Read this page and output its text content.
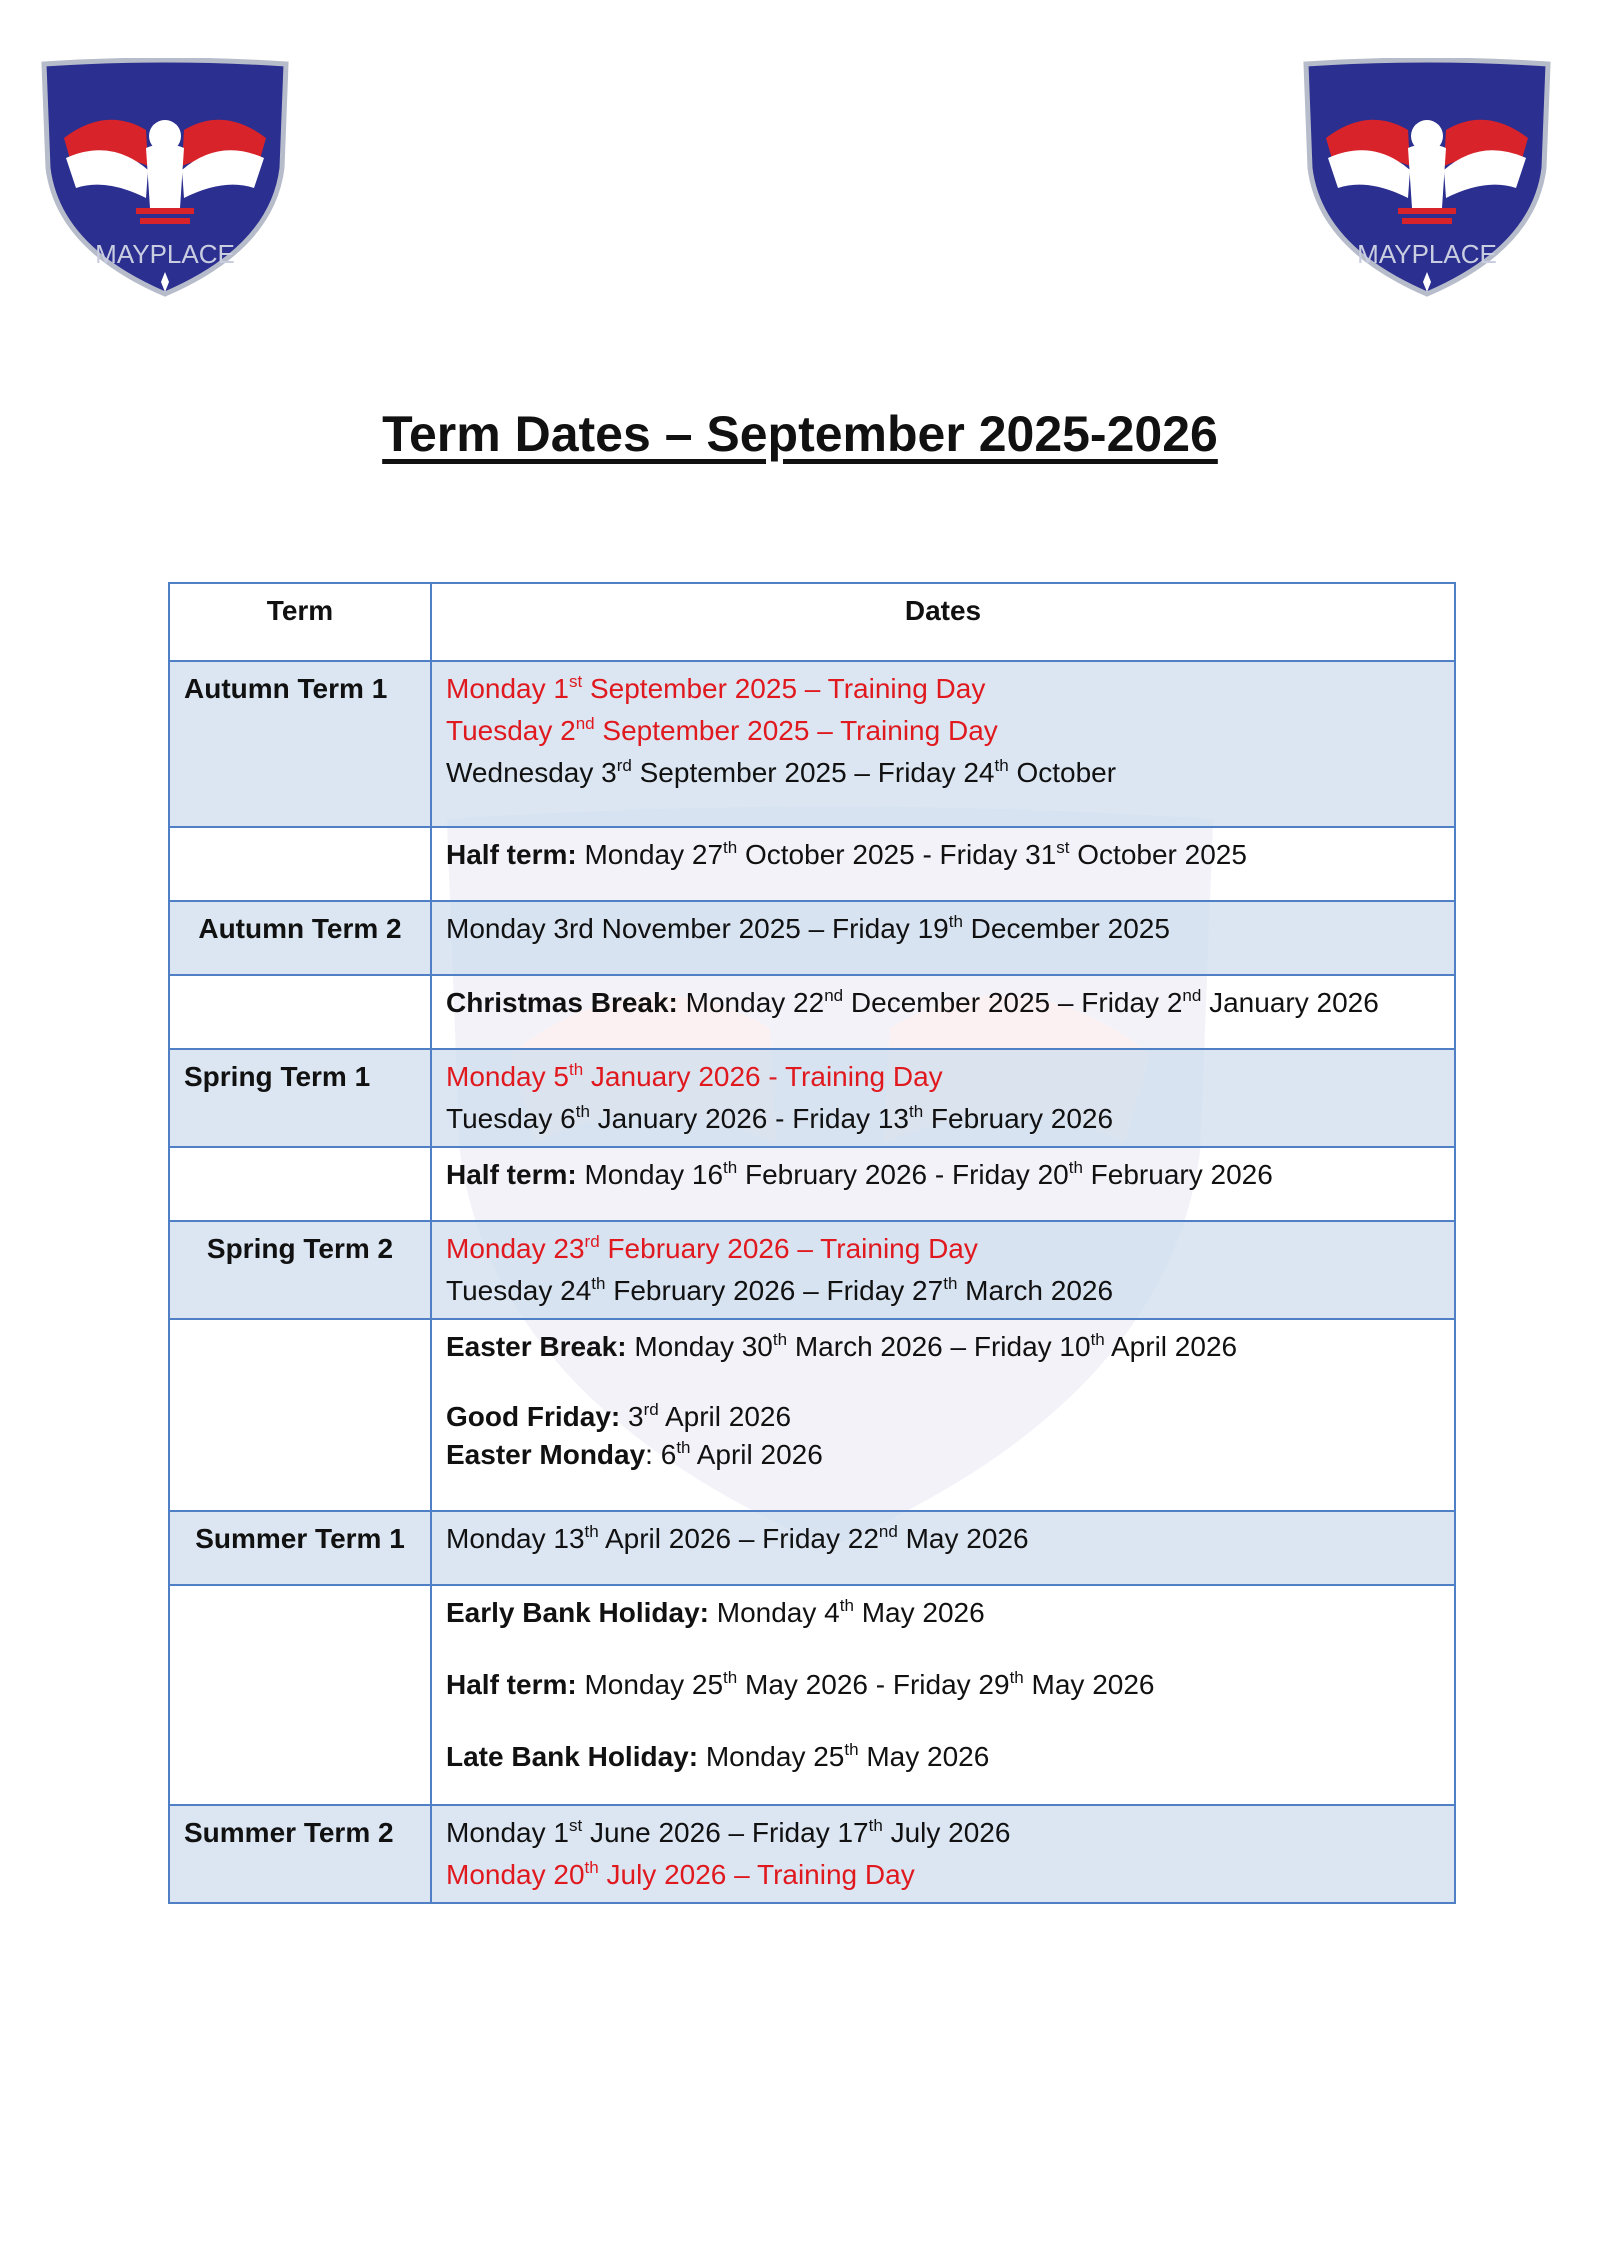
MAYPLACE	MAYPLACE
Term Dates – September 2025-2026
Term	Dates
Autumn Term 1	Monday 1st September 2025 – Training Day
Tuesday 2nd September 2025 – Training Day
Wednesday 3rd September 2025 – Friday 24th October

	Half term: Monday 27th October 2025 - Friday 31st October 2025

Autumn Term 2	Monday 3rd November 2025 – Friday 19th December 2025

	Christmas Break: Monday 22nd December 2025 – Friday 2nd January 2026

Spring Term 1	Monday 5th January 2026 - Training Day
Tuesday 6th January 2026 - Friday 13th February 2026

	Half term: Monday 16th February 2026 - Friday 20th February 2026

Spring Term 2	Monday 23rd February 2026 – Training Day
Tuesday 24th February 2026 – Friday 27th March 2026

	Easter Break: Monday 30th March 2026 – Friday 10th April 2026
Good Friday: 3rd April 2026
Easter Monday: 6th April 2026

Summer Term 1	Monday 13th April 2026 – Friday 22nd May 2026

	Early Bank Holiday: Monday 4th May 2026
Half term: Monday 25th May 2026 - Friday 29th May 2026
Late Bank Holiday: Monday 25th May 2026

Summer Term 2	Monday 1st June 2026 – Friday 17th July 2026
Monday 20th July 2026 – Training Day
